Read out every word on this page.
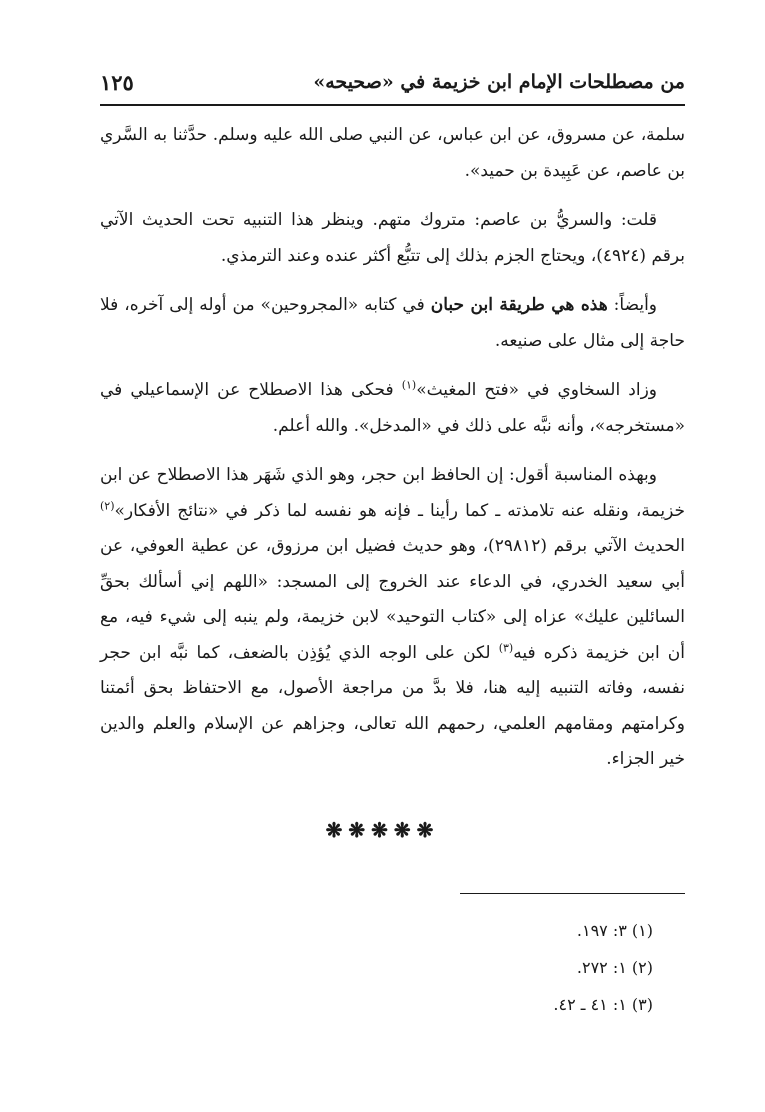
من مصطلحات الإمام ابن خزيمة في «صحيحه»
١٢٥

سلمة، عن مسروق، عن ابن عباس، عن النبي صلى الله عليه وسلم. حدَّثنا به السَّري بن عاصم، عن عَبِيدة بن حميد».

قلت: والسريُّ بن عاصم: متروك متهم. وينظر هذا التنبيه تحت الحديث الآتي برقم (٤٩٢٤)، ويحتاج الجزم بذلك إلى تتبُّع أكثر عنده وعند الترمذي.

وأيضاً: هذه هي طريقة ابن حبان في كتابه «المجروحين» من أوله إلى آخره، فلا حاجة إلى مثال على صنيعه.

وزاد السخاوي في «فتح المغيث»$^{(١)}$ فحكى هذا الاصطلاح عن الإسماعيلي في «مستخرجه»، وأنه نبَّه على ذلك في «المدخل». والله أعلم.

وبهذه المناسبة أقول: إن الحافظ ابن حجر، وهو الذي شَهَر هذا الاصطلاح عن ابن خزيمة، ونقله عنه تلامذته ـ كما رأينا ـ فإنه هو نفسه لما ذكر في «نتائج الأفكار»$^{(٢)}$ الحديث الآتي برقم (٢٩٨١٢)، وهو حديث فضيل ابن مرزوق، عن عطية العوفي، عن أبي سعيد الخدري، في الدعاء عند الخروج إلى المسجد: «اللهم إني أسألك بحقِّ السائلين عليك» عزاه إلى «كتاب التوحيد» لابن خزيمة، ولم ينبه إلى شيء فيه، مع أن ابن خزيمة ذكره فيه$^{(٣)}$ لكن على الوجه الذي يُؤذِن بالضعف، كما نبَّه ابن حجر نفسه، وفاته التنبيه إليه هنا، فلا بدَّ من مراجعة الأصول، مع الاحتفاظ بحق أئمتنا وكرامتهم ومقامهم العلمي، رحمهم الله تعالى، وجزاهم عن الإسلام والعلم والدين خير الجزاء.

❋❋❋❋❋
(١) ٣: ١٩٧.
(٢) ١: ٢٧٢.
(٣) ١: ٤١ ـ ٤٢.
